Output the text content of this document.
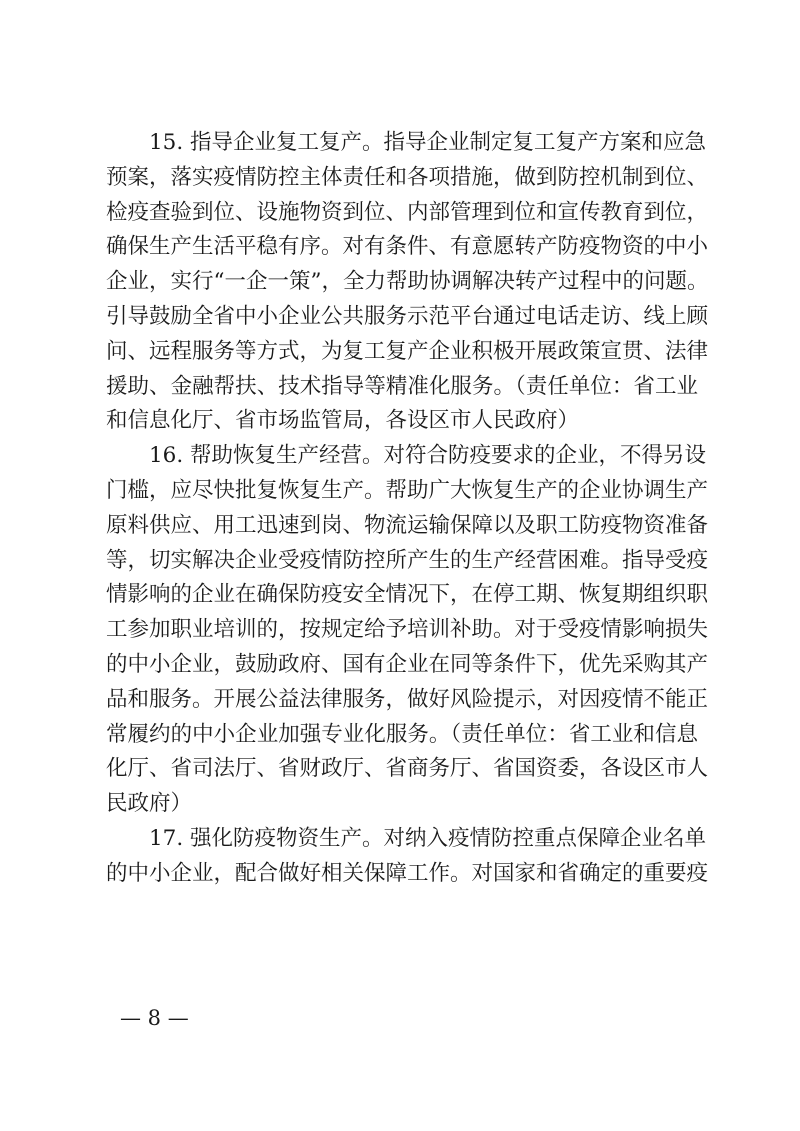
15. 指导企业复工复产。指导企业制定复工复产方案和应急
预案，落实疫情防控主体责任和各项措施，做到防控机制到位、
检疫查验到位、设施物资到位、内部管理到位和宣传教育到位，
确保生产生活平稳有序。对有条件、有意愿转产防疫物资的中小
企业，实行“一企一策”，全力帮助协调解决转产过程中的问题。
引导鼓励全省中小企业公共服务示范平台通过电话走访、线上顾
问、远程服务等方式，为复工复产企业积极开展政策宣贯、法律
援助、金融帮扶、技术指导等精准化服务。（责任单位：省工业
和信息化厅、省市场监管局，各设区市人民政府）
16. 帮助恢复生产经营。对符合防疫要求的企业，不得另设
门槛，应尽快批复恢复生产。帮助广大恢复生产的企业协调生产
原料供应、用工迅速到岗、物流运输保障以及职工防疫物资准备
等，切实解决企业受疫情防控所产生的生产经营困难。指导受疫
情影响的企业在确保防疫安全情况下，在停工期、恢复期组织职
工参加职业培训的，按规定给予培训补助。对于受疫情影响损失
的中小企业，鼓励政府、国有企业在同等条件下，优先采购其产
品和服务。开展公益法律服务，做好风险提示，对因疫情不能正
常履约的中小企业加强专业化服务。（责任单位：省工业和信息
化厅、省司法厅、省财政厅、省商务厅、省国资委，各设区市人
民政府）
17. 强化防疫物资生产。对纳入疫情防控重点保障企业名单
的中小企业，配合做好相关保障工作。对国家和省确定的重要疫
— 8 —
